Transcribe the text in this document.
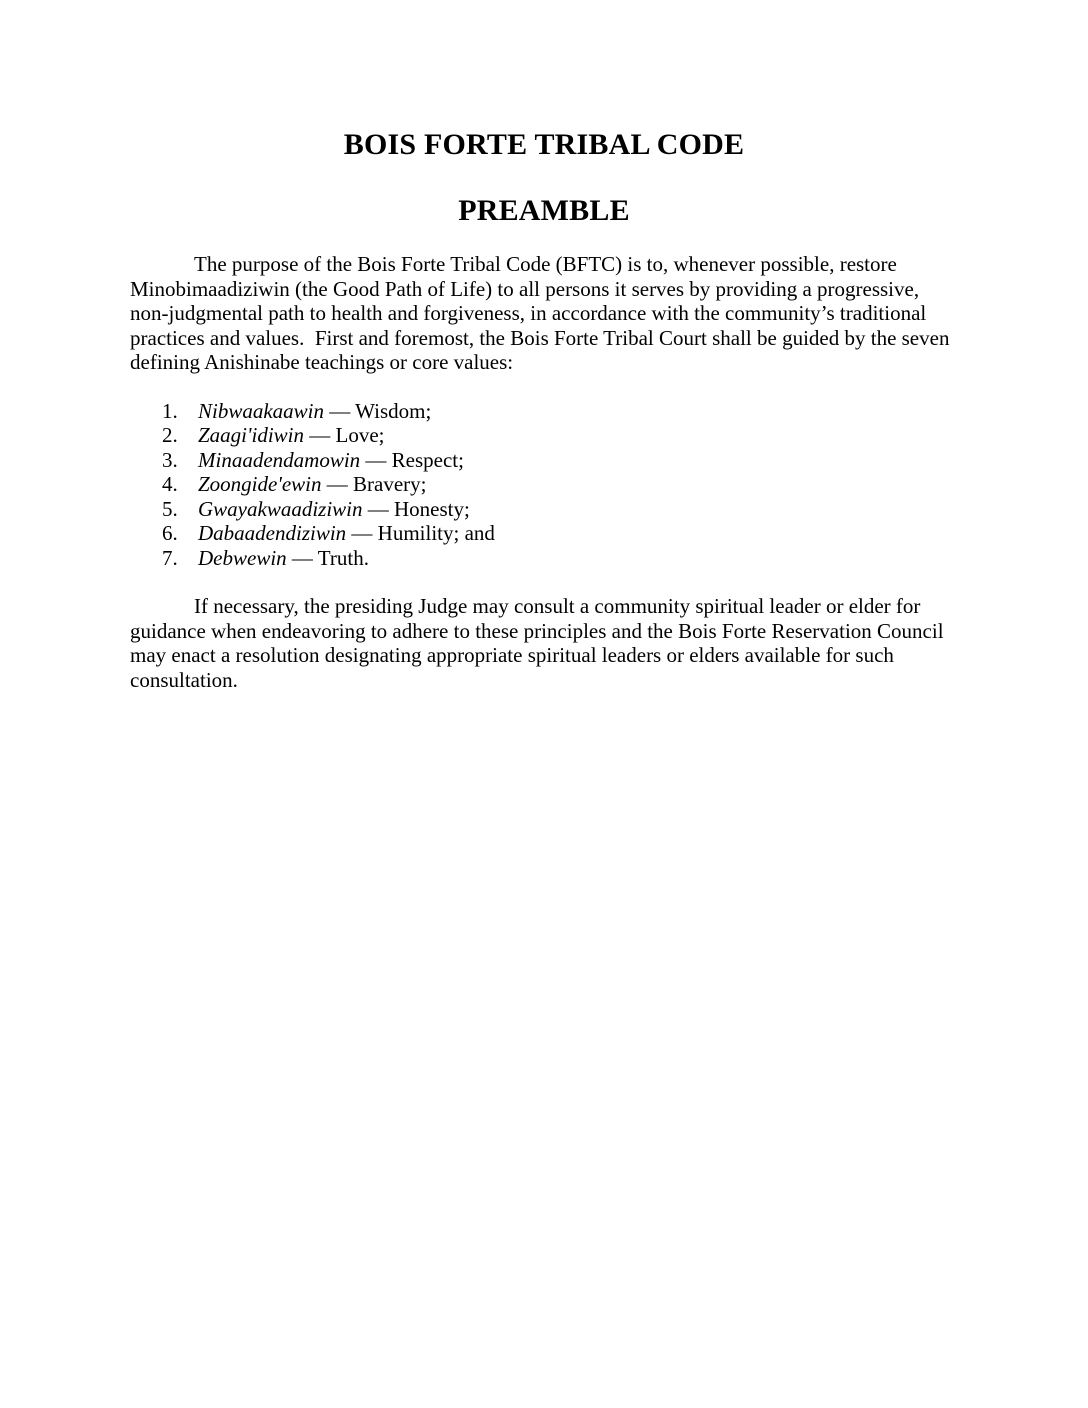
BOIS FORTE TRIBAL CODE
PREAMBLE

The purpose of the Bois Forte Tribal Code (BFTC) is to, whenever possible, restore Minobimaadiziwin (the Good Path of Life) to all persons it serves by providing a progressive, non-judgmental path to health and forgiveness, in accordance with the community’s traditional practices and values.  First and foremost, the Bois Forte Tribal Court shall be guided by the seven defining Anishinabe teachings or core values:

1. Nibwaakaawin — Wisdom;
2. Zaagi'idiwin — Love;
3. Minaadendamowin — Respect;
4. Zoongide'ewin — Bravery;
5. Gwayakwaadiziwin — Honesty;
6. Dabaadendiziwin — Humility; and
7. Debwewin — Truth.

If necessary, the presiding Judge may consult a community spiritual leader or elder for guidance when endeavoring to adhere to these principles and the Bois Forte Reservation Council may enact a resolution designating appropriate spiritual leaders or elders available for such consultation.
